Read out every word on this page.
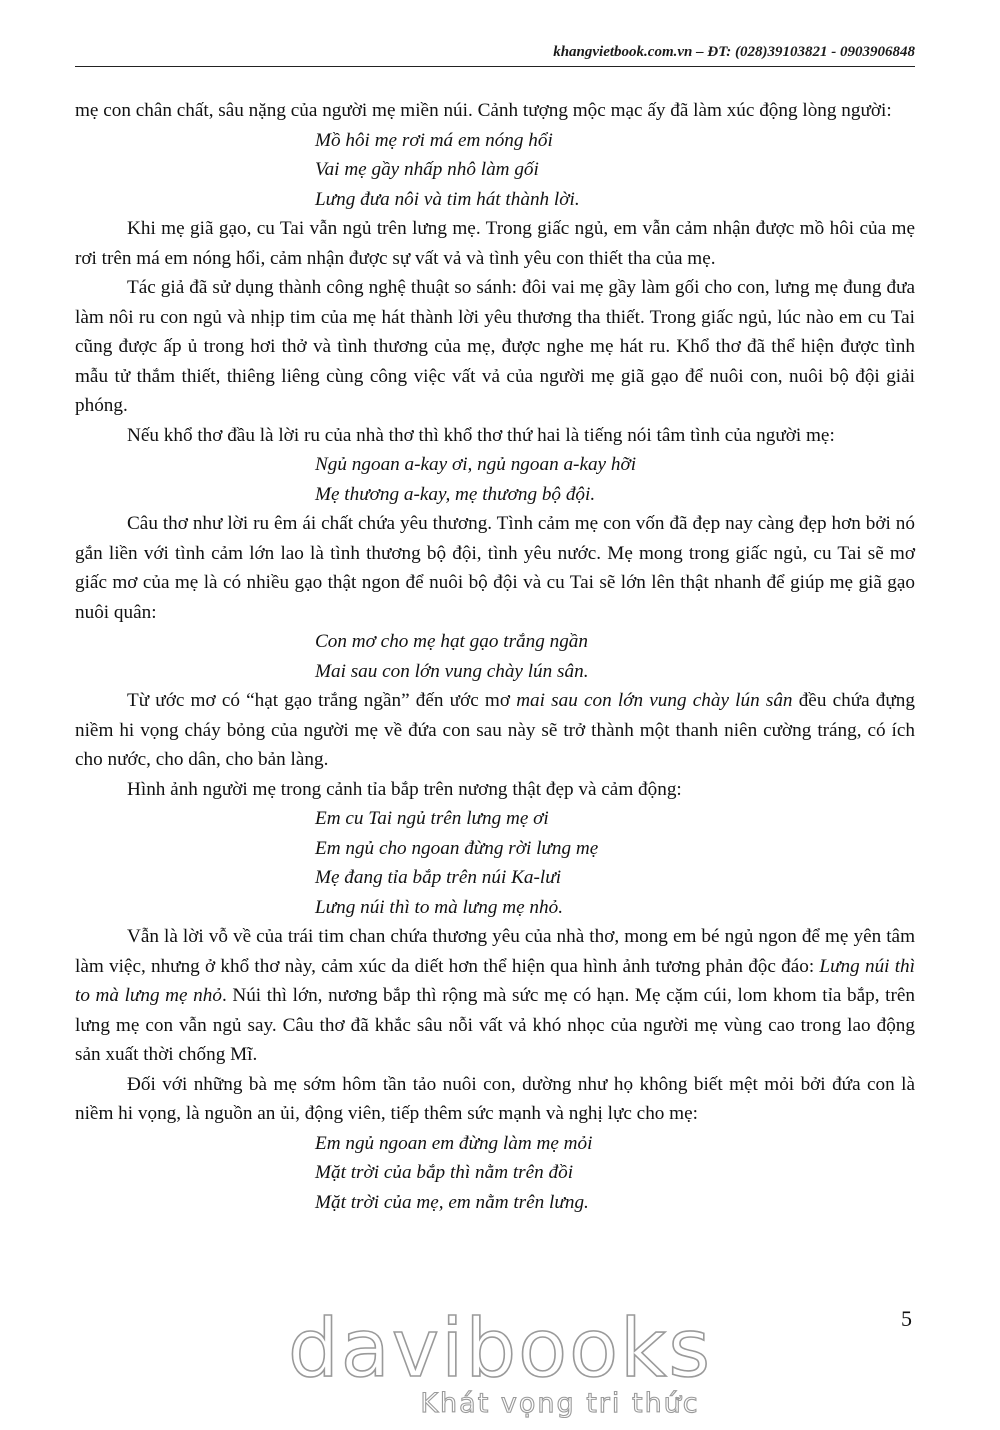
khangvietbook.com.vn – ĐT: (028)39103821 - 0903906848

mẹ con chân chất, sâu nặng của người mẹ miền núi. Cảnh tượng mộc mạc ấy đã làm xúc động lòng người:

Mồ hôi mẹ rơi má em nóng hổi
Vai mẹ gầy nhấp nhô làm gối
Lưng đưa nôi và tim hát thành lời.

Khi mẹ giã gạo, cu Tai vẫn ngủ trên lưng mẹ. Trong giấc ngủ, em vẫn cảm nhận được mồ hôi của mẹ rơi trên má em nóng hổi, cảm nhận được sự vất vả và tình yêu con thiết tha của mẹ.

Tác giả đã sử dụng thành công nghệ thuật so sánh: đôi vai mẹ gầy làm gối cho con, lưng mẹ đung đưa làm nôi ru con ngủ và nhịp tim của mẹ hát thành lời yêu thương tha thiết. Trong giấc ngủ, lúc nào em cu Tai cũng được ấp ủ trong hơi thở và tình thương của mẹ, được nghe mẹ hát ru. Khổ thơ đã thể hiện được tình mẫu tử thắm thiết, thiêng liêng cùng công việc vất vả của người mẹ giã gạo để nuôi con, nuôi bộ đội giải phóng.

Nếu khổ thơ đầu là lời ru của nhà thơ thì khổ thơ thứ hai là tiếng nói tâm tình của người mẹ:

Ngủ ngoan a-kay ơi, ngủ ngoan a-kay hỡi
Mẹ thương a-kay, mẹ thương bộ đội.

Câu thơ như lời ru êm ái chất chứa yêu thương. Tình cảm mẹ con vốn đã đẹp nay càng đẹp hơn bởi nó gắn liền với tình cảm lớn lao là tình thương bộ đội, tình yêu nước. Mẹ mong trong giấc ngủ, cu Tai sẽ mơ giấc mơ của mẹ là có nhiều gạo thật ngon để nuôi bộ đội và cu Tai sẽ lớn lên thật nhanh để giúp mẹ giã gạo nuôi quân:

Con mơ cho mẹ hạt gạo trắng ngần
Mai sau con lớn vung chày lún sân.

Từ ước mơ có “hạt gạo trắng ngần” đến ước mơ mai sau con lớn vung chày lún sân đều chứa đựng niềm hi vọng cháy bỏng của người mẹ về đứa con sau này sẽ trở thành một thanh niên cường tráng, có ích cho nước, cho dân, cho bản làng.

Hình ảnh người mẹ trong cảnh tỉa bắp trên nương thật đẹp và cảm động:

Em cu Tai ngủ trên lưng mẹ ơi
Em ngủ cho ngoan đừng rời lưng mẹ
Mẹ đang tỉa bắp trên núi Ka-lưi
Lưng núi thì to mà lưng mẹ nhỏ.

Vẫn là lời vỗ về của trái tim chan chứa thương yêu của nhà thơ, mong em bé ngủ ngon để mẹ yên tâm làm việc, nhưng ở khổ thơ này, cảm xúc da diết hơn thể hiện qua hình ảnh tương phản độc đáo: Lưng núi thì to mà lưng mẹ nhỏ. Núi thì lớn, nương bắp thì rộng mà sức mẹ có hạn. Mẹ cặm cúi, lom khom tỉa bắp, trên lưng mẹ con vẫn ngủ say. Câu thơ đã khắc sâu nỗi vất vả khó nhọc của người mẹ vùng cao trong lao động sản xuất thời chống Mĩ.

Đối với những bà mẹ sớm hôm tần tảo nuôi con, dường như họ không biết mệt mỏi bởi đứa con là niềm hi vọng, là nguồn an ủi, động viên, tiếp thêm sức mạnh và nghị lực cho mẹ:

Em ngủ ngoan em đừng làm mẹ mỏi
Mặt trời của bắp thì nằm trên đồi
Mặt trời của mẹ, em nằm trên lưng.
5
davibooks
Khát vọng tri thức
